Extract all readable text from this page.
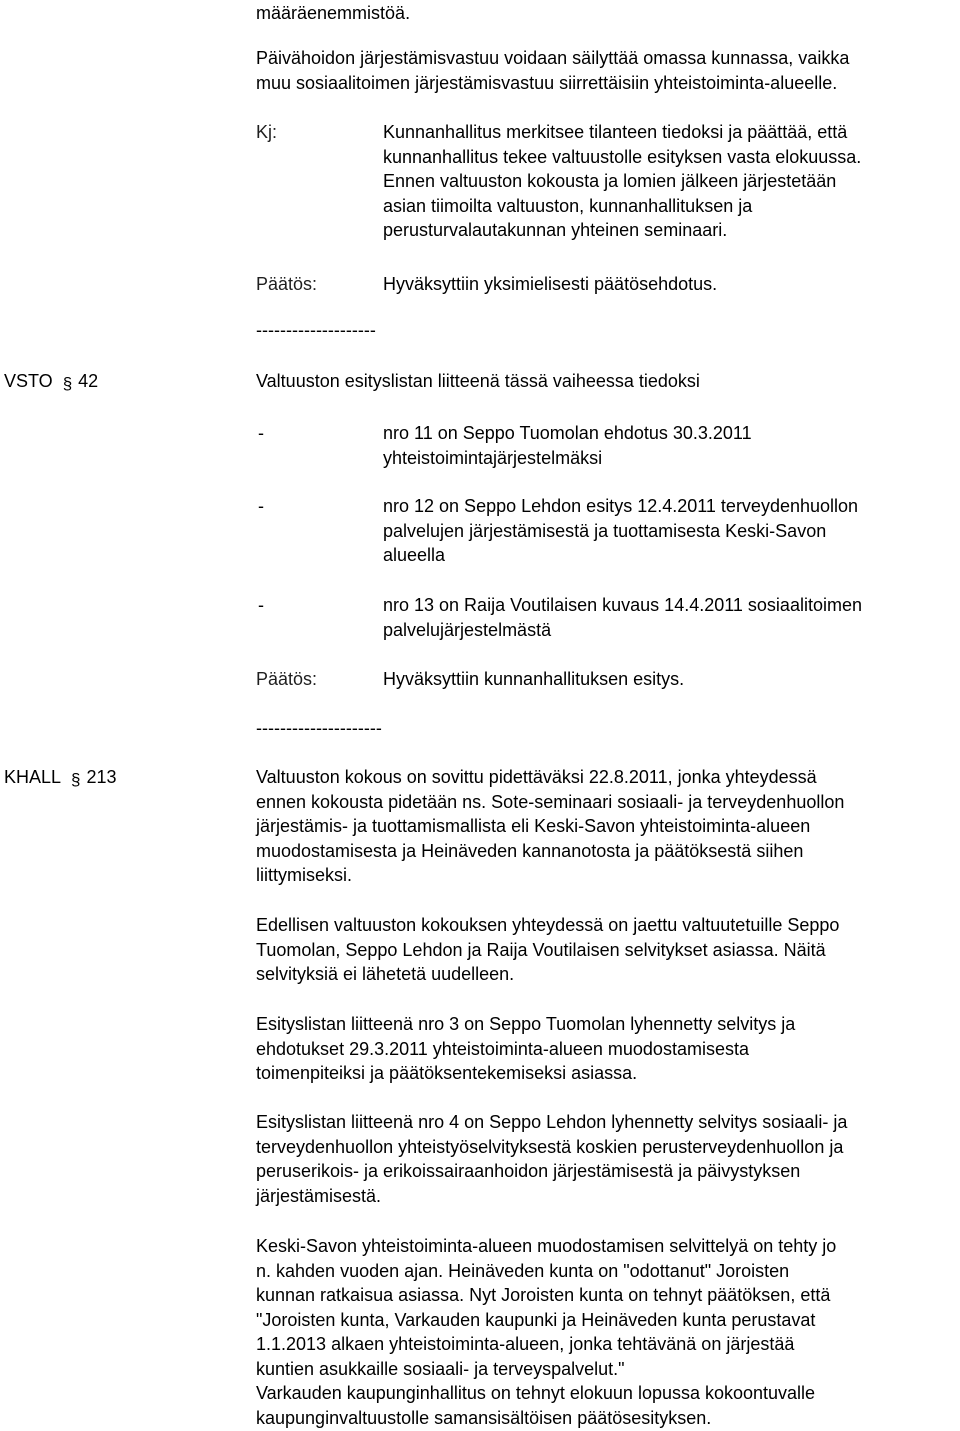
määräenemmistöä.
Päivähoidon järjestämisvastuu voidaan säilyttää omassa kunnassa, vaikka
muu sosiaalitoimen järjestämisvastuu siirrettäisiin yhteistoiminta-alueelle.
Kj:	Kunnanhallitus merkitsee tilanteen tiedoksi ja päättää, että
kunnanhallitus tekee valtuustolle esityksen vasta elokuussa.
Ennen valtuuston kokousta ja lomien jälkeen järjestetään
asian tiimoilta valtuuston, kunnanhallituksen ja
perusturvalautakunnan yhteinen seminaari.
Päätös:	Hyväksyttiin yksimielisesti päätösehdotus.
--------------------
VSTO § 42	Valtuuston esityslistan liitteenä tässä vaiheessa tiedoksi
-	nro 11 on Seppo Tuomolan ehdotus 30.3.2011
yhteistoimintajärjestelmäksi
-	nro 12 on Seppo Lehdon esitys 12.4.2011 terveydenhuollon
palvelujen järjestämisestä ja tuottamisesta Keski-Savon
alueella
-	nro 13 on Raija Voutilaisen kuvaus 14.4.2011 sosiaalitoimen
palvelujärjestelmästä
Päätös:	Hyväksyttiin kunnanhallituksen esitys.
---------------------
KHALL § 213	Valtuuston kokous on sovittu pidettäväksi 22.8.2011, jonka yhteydessä
ennen kokousta pidetään ns. Sote-seminaari sosiaali- ja terveydenhuollon
järjestämis- ja tuottamismallista eli Keski-Savon yhteistoiminta-alueen
muodostamisesta ja Heinäveden kannanotosta ja päätöksestä siihen
liittymiseksi.
Edellisen valtuuston kokouksen yhteydessä on jaettu valtuutetuille Seppo
Tuomolan, Seppo Lehdon ja Raija Voutilaisen selvitykset asiassa. Näitä
selvityksiä ei lähetetä uudelleen.
Esityslistan liitteenä nro 3 on Seppo Tuomolan lyhennetty selvitys ja
ehdotukset 29.3.2011 yhteistoiminta-alueen muodostamisesta
toimenpiteiksi ja päätöksentekemiseksi asiassa.
Esityslistan liitteenä nro 4 on Seppo Lehdon lyhennetty selvitys sosiaali- ja
terveydenhuollon yhteistyöselvityksestä koskien perusterveydenhuollon ja
peruserikois- ja erikoissairaanhoidon järjestämisestä ja päivystyksen
järjestämisestä.
Keski-Savon yhteistoiminta-alueen muodostamisen selvittelyä on tehty jo
n. kahden vuoden ajan. Heinäveden kunta on "odottanut" Joroisten
kunnan ratkaisua asiassa. Nyt Joroisten kunta on tehnyt päätöksen, että
"Joroisten kunta, Varkauden kaupunki ja Heinäveden kunta perustavat
1.1.2013 alkaen yhteistoiminta-alueen, jonka tehtävänä on järjestää
kuntien asukkaille sosiaali- ja terveyspalvelut."
Varkauden kaupunginhallitus on tehnyt elokuun lopussa kokoontuvalle
kaupunginvaltuustolle samansisältöisen päätösesityksen.
